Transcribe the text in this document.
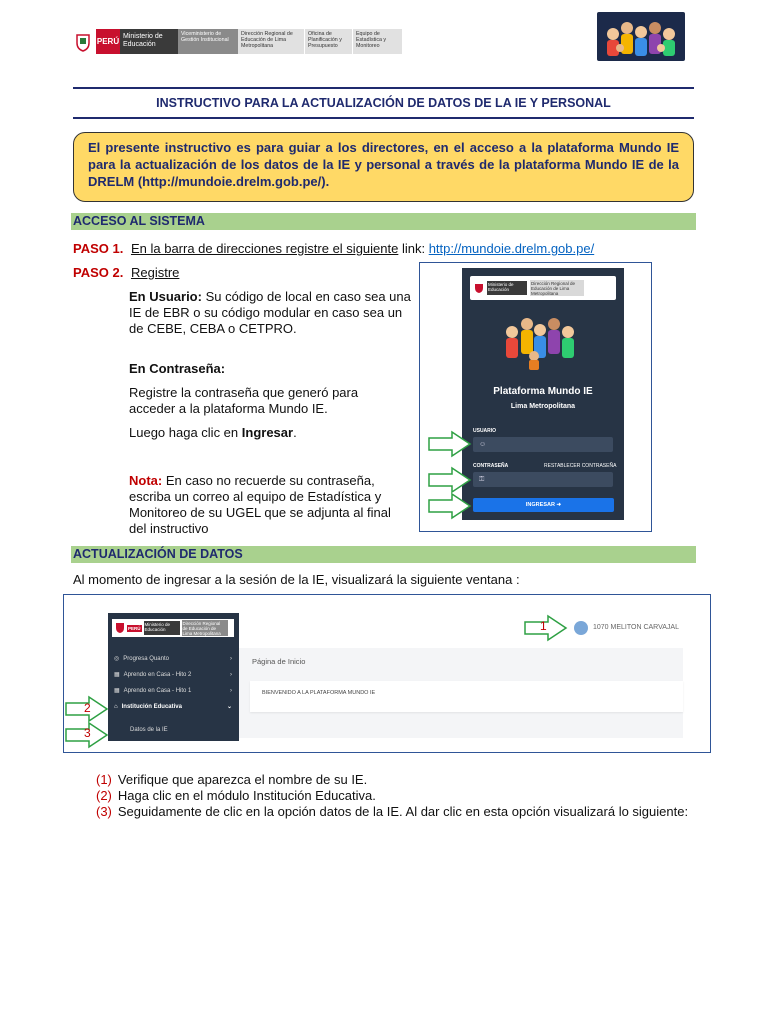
PERÚ
Ministerio de Educación
Viceministerio de Gestión Institucional
Dirección Regional de Educación de Lima Metropolitana
Oficina de Planificación y Presupuesto
Equipo de Estadística y Monitoreo
INSTRUCTIVO PARA LA ACTUALIZACIÓN DE DATOS DE LA IE Y PERSONAL
El presente instructivo es para guiar a los directores, en el acceso a la plataforma Mundo IE para la actualización de los datos de la IE y personal a través de la plataforma Mundo IE de la DRELM (http://mundoie.drelm.gob.pe/).
ACCESO AL SISTEMA
PASO 1. En la barra de direcciones registre el siguiente link: http://mundoie.drelm.gob.pe/
PASO 2. Registre
En Usuario: Su código de local en caso sea una IE de EBR o su código modular en caso sea un de CEBE, CEBA o CETPRO.
En Contraseña:
Registre la contraseña que generó para acceder a la plataforma Mundo IE.
Luego haga clic en Ingresar.
Nota: En caso no recuerde su contraseña, escriba un correo al equipo de Estadística y Monitoreo de su UGEL que se adjunta al final del instructivo
Ministerio de Educación
Dirección Regional de Educación de Lima Metropolitana
Plataforma Mundo IE
Lima Metropolitana
USUARIO
☺
CONTRASEÑA	RESTABLECER CONTRASEÑA
⚿
INGRESAR ➜
ACTUALIZACIÓN DE DATOS
Al momento de ingresar a la sesión de la IE, visualizará la siguiente ventana :
PERÚ
Ministerio de Educación
Dirección Regional de Educación de Lima Metropolitana
◎ Progresa Quanto	›
▦ Aprendo en Casa - Hito 2	›
▦ Aprendo en Casa - Hito 1	›
⌂ Institución Educativa	⌄
Datos de la IE
1070 MELITON CARVAJAL
Página de Inicio
BIENVENIDO A LA PLATAFORMA MUNDO IE
1
2
3
(1) Verifique que aparezca el nombre de su IE.
(2) Haga clic en el módulo Institución Educativa.
(3) Seguidamente de clic en la opción datos de la IE. Al dar clic en esta opción visualizará lo siguiente:
